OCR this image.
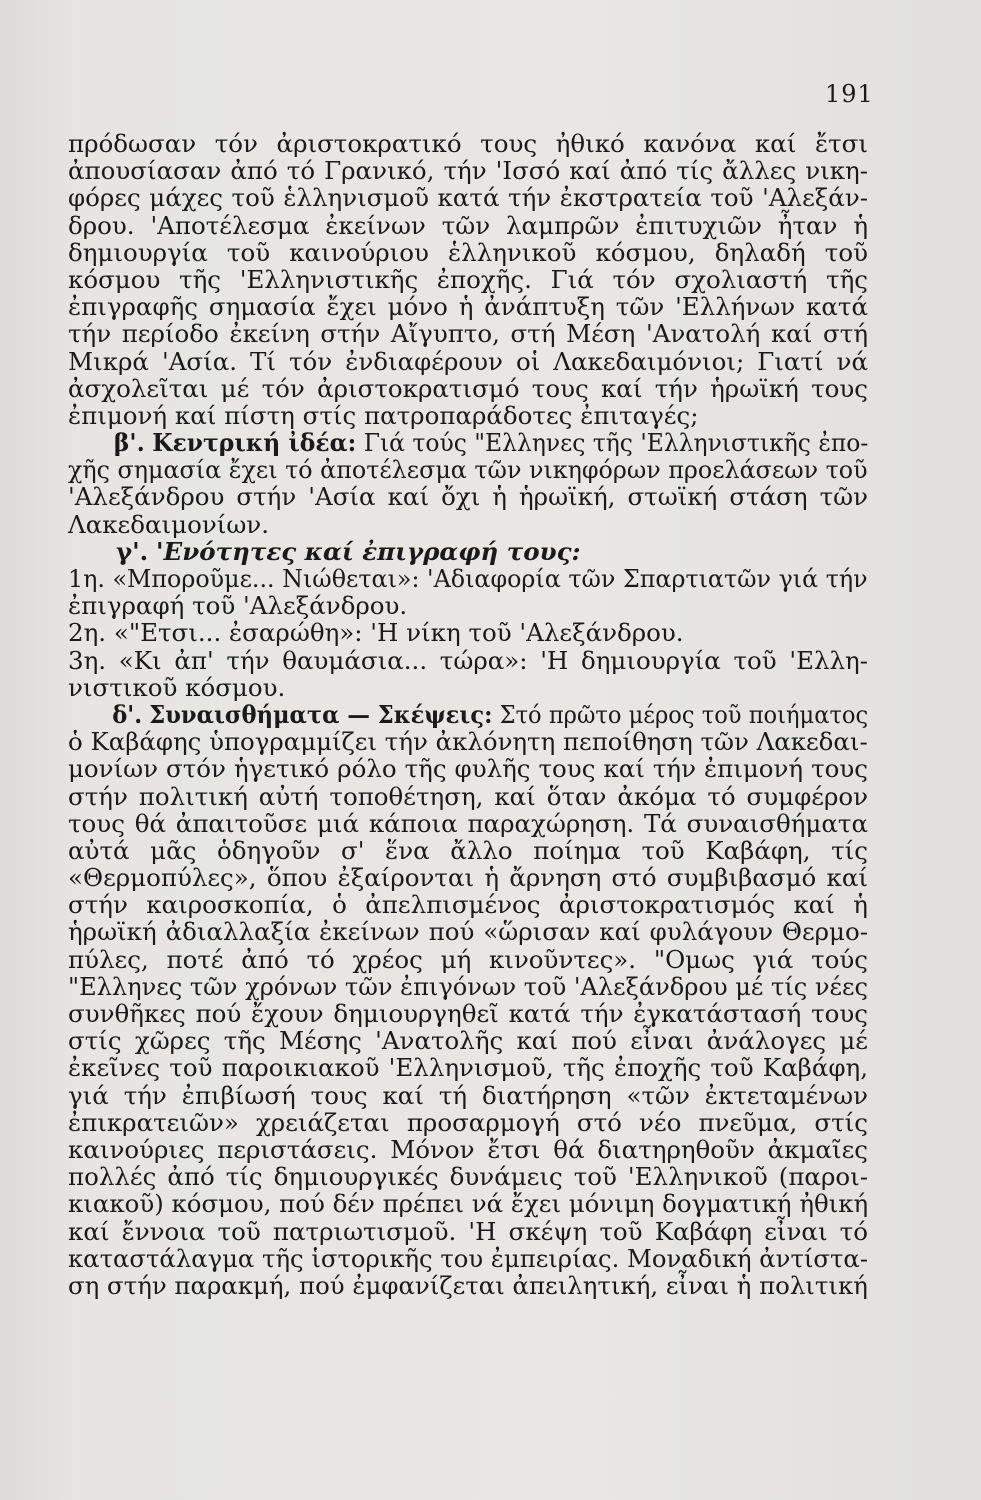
191
πρόδωσαν τόν ἀριστοκρατικό τους ἠθικό κανόνα καί ἔτσι
ἀπουσίασαν ἀπό τό Γρανικό, τήν 'Ισσό καί ἀπό τίς ἄλλες νικη-
φόρες μάχες τοῦ ἑλληνισμοῦ κατά τήν ἐκστρατεία τοῦ 'Αλεξάν-
δρου. 'Αποτέλεσμα ἐκείνων τῶν λαμπρῶν ἐπιτυχιῶν ἦταν ἡ
δημιουργία τοῦ καινούριου ἑλληνικοῦ κόσμου, δηλαδή τοῦ
κόσμου τῆς 'Ελληνιστικῆς ἐποχῆς. Γιά τόν σχολιαστή τῆς
ἐπιγραφῆς σημασία ἔχει μόνο ἡ ἀνάπτυξη τῶν 'Ελλήνων κατά
τήν περίοδο ἐκείνη στήν Αἴγυπτο, στή Μέση 'Ανατολή καί στή
Μικρά 'Ασία. Τί τόν ἐνδιαφέρουν οἱ Λακεδαιμόνιοι; Γιατί νά
ἀσχολεῖται μέ τόν ἀριστοκρατισμό τους καί τήν ἡρωϊκή τους
ἐπιμονή καί πίστη στίς πατροπαράδοτες ἐπιταγές;
β'. Κεντρική ἰδέα: Γιά τούς "Ελληνες τῆς 'Ελληνιστικῆς ἐπο-
χῆς σημασία ἔχει τό ἀποτέλεσμα τῶν νικηφόρων προελάσεων τοῦ
'Αλεξάνδρου στήν 'Ασία καί ὄχι ἡ ἡρωϊκή, στωϊκή στάση τῶν
Λακεδαιμονίων.
γ'. 'Ενότητες καί ἐπιγραφή τους:
1η. «Μποροῦμε... Νιώθεται»: 'Αδιαφορία τῶν Σπαρτιατῶν γιά τήν
ἐπιγραφή τοῦ 'Αλεξάνδρου.
2η. «"Ετσι... ἐσαρώθη»: 'Η νίκη τοῦ 'Αλεξάνδρου.
3η. «Κι ἀπ' τήν θαυμάσια... τώρα»: 'Η δημιουργία τοῦ 'Ελλη-
νιστικοῦ κόσμου.
δ'. Συναισθήματα — Σκέψεις: Στό πρῶτο μέρος τοῦ ποιήματος
ὁ Καβάφης ὑπογραμμίζει τήν ἀκλόνητη πεποίθηση τῶν Λακεδαι-
μονίων στόν ἡγετικό ρόλο τῆς φυλῆς τους καί τήν ἐπιμονή τους
στήν πολιτική αὐτή τοποθέτηση, καί ὅταν ἀκόμα τό συμφέρον
τους θά ἀπαιτοῦσε μιά κάποια παραχώρηση. Τά συναισθήματα
αὐτά μᾶς ὁδηγοῦν σ' ἕνα ἄλλο ποίημα τοῦ Καβάφη, τίς
«Θερμοπύλες», ὅπου ἐξαίρονται ἡ ἄρνηση στό συμβιβασμό καί
στήν καιροσκοπία, ὁ ἀπελπισμένος ἀριστοκρατισμός καί ἡ
ἡρωϊκή ἀδιαλλαξία ἐκείνων πού «ὥρισαν καί φυλάγουν Θερμο-
πύλες, ποτέ ἀπό τό χρέος μή κινοῦντες». "Ομως γιά τούς
"Ελληνες τῶν χρόνων τῶν ἐπιγόνων τοῦ 'Αλεξάνδρου μέ τίς νέες
συνθῆκες πού ἔχουν δημιουργηθεῖ κατά τήν ἐγκατάστασή τους
στίς χῶρες τῆς Μέσης 'Ανατολῆς καί πού εἶναι ἀνάλογες μέ
ἐκεῖνες τοῦ παροικιακοῦ 'Ελληνισμοῦ, τῆς ἐποχῆς τοῦ Καβάφη,
γιά τήν ἐπιβίωσή τους καί τή διατήρηση «τῶν ἐκτεταμένων
ἐπικρατειῶν» χρειάζεται προσαρμογή στό νέο πνεῦμα, στίς
καινούριες περιστάσεις. Μόνον ἔτσι θά διατηρηθοῦν ἀκμαῖες
πολλές ἀπό τίς δημιουργικές δυνάμεις τοῦ 'Ελληνικοῦ (παροι-
κιακοῦ) κόσμου, πού δέν πρέπει νά ἔχει μόνιμη δογματική ἠθική
καί ἔννοια τοῦ πατριωτισμοῦ. 'Η σκέψη τοῦ Καβάφη εἶναι τό
καταστάλαγμα τῆς ἱστορικῆς του ἐμπειρίας. Μοναδική ἀντίστα-
ση στήν παρακμή, πού ἐμφανίζεται ἀπειλητική, εἶναι ἡ πολιτική
